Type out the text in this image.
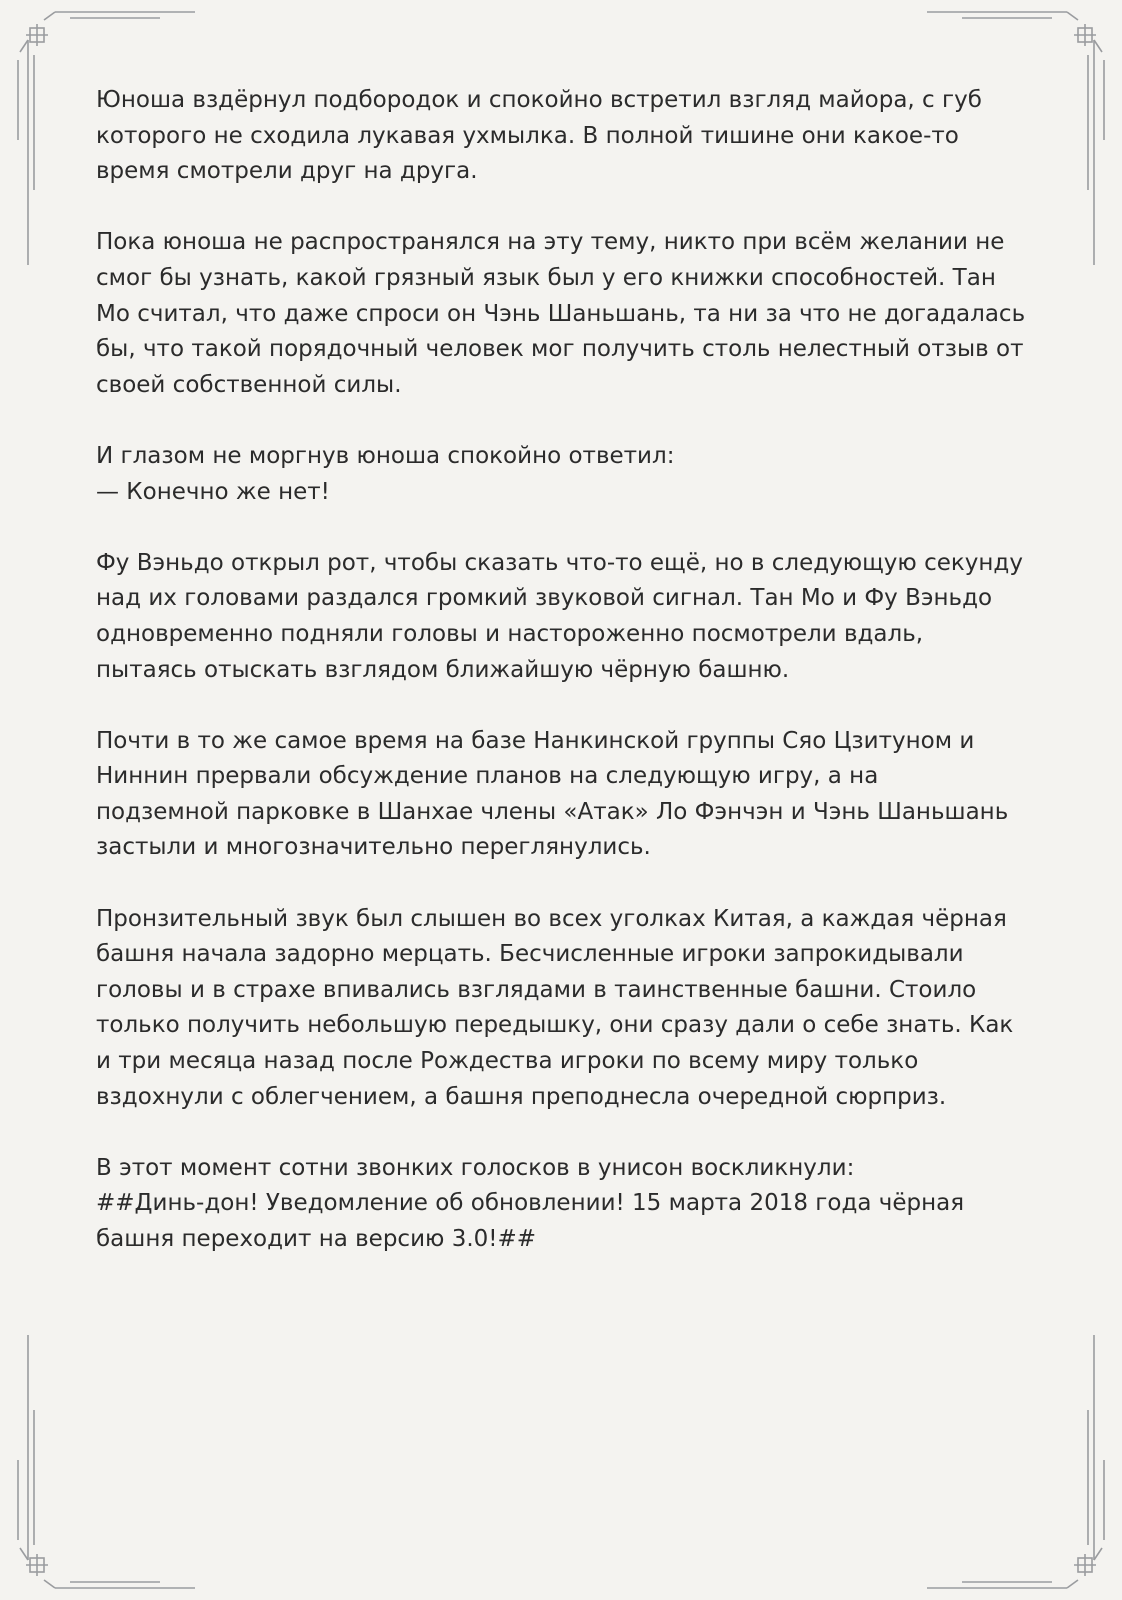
Юноша вздёрнул подбородок и спокойно встретил взгляд майора, с губ
которого не сходила лукавая ухмылка. В полной тишине они какое-то
время смотрели друг на друга.

Пока юноша не распространялся на эту тему, никто при всём желании не
смог бы узнать, какой грязный язык был у его книжки способностей. Тан
Мо считал, что даже спроси он Чэнь Шаньшань, та ни за что не догадалась
бы, что такой порядочный человек мог получить столь нелестный отзыв от
своей собственной силы.

И глазом не моргнув юноша спокойно ответил:
— Конечно же нет!

Фу Вэньдо открыл рот, чтобы сказать что-то ещё, но в следующую секунду
над их головами раздался громкий звуковой сигнал. Тан Мо и Фу Вэньдо
одновременно подняли головы и настороженно посмотрели вдаль,
пытаясь отыскать взглядом ближайшую чёрную башню.

Почти в то же самое время на базе Нанкинской группы Сяо Цзитуном и
Ниннин прервали обсуждение планов на следующую игру, а на
подземной парковке в Шанхае члены «Атак» Ло Фэнчэн и Чэнь Шаньшань
застыли и многозначительно переглянулись.

Пронзительный звук был слышен во всех уголках Китая, а каждая чёрная
башня начала задорно мерцать. Бесчисленные игроки запрокидывали
головы и в страхе впивались взглядами в таинственные башни. Стоило
только получить небольшую передышку, они сразу дали о себе знать. Как
и три месяца назад после Рождества игроки по всему миру только
вздохнули с облегчением, а башня преподнесла очередной сюрприз.

В этот момент сотни звонких голосков в унисон воскликнули:
##Динь-дон! Уведомление об обновлении! 15 марта 2018 года чёрная
башня переходит на версию 3.0!##
